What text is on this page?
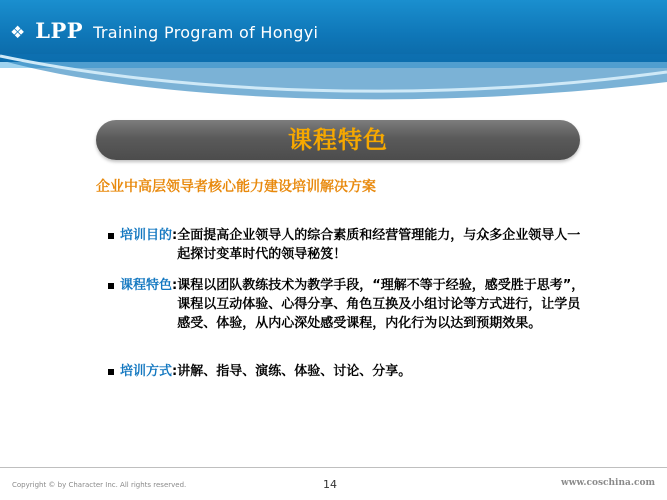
❖ LPP Training Program of Hongyi
课程特色
企业中高层领导者核心能力建设培训解决方案
培训目的 : 全面提高企业领导人的综合素质和经营管理能力，与众多企业领导人一起探讨变革时代的领导秘笈！
课程特色 : 课程以团队教练技术为教学手段，“理解不等于经验，感受胜于思考”，课程以互动体验、心得分享、角色互换及小组讨论等方式进行，让学员感受、体验，从内心深处感受课程，内化行为以达到预期效果。
培训方式 : 讲解、指导、演练、体验、讨论、分享。
Copyright © by Character Inc. All rights reserved.	14	www.coschina.com
